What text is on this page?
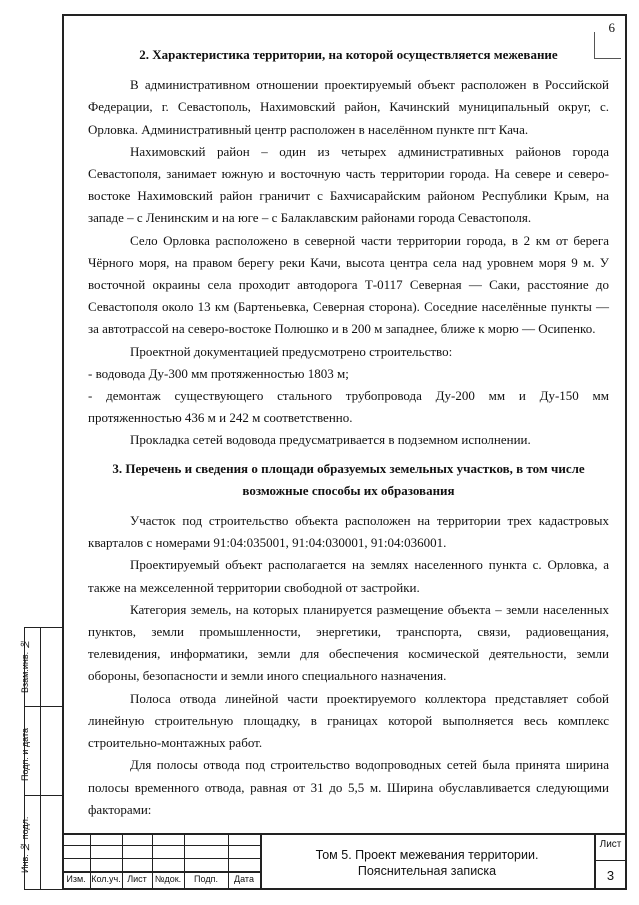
6
2. Характеристика территории, на которой осуществляется межевание

В административном отношении проектируемый объект расположен в Российской Федерации, г. Севастополь, Нахимовский район, Качинский муниципальный округ, с. Орловка. Административный центр расположен в населённом пункте пгт Кача.

Нахимовский район – один из четырех административных районов города Севастополя, занимает южную и восточную часть территории города. На севере и северо-востоке Нахимовский район граничит с Бахчисарайским районом Республики Крым, на западе – с Ленинским и на юге – с Балаклавским районами города Севастополя.

Село Орловка расположено в северной части территории города, в 2 км от берега Чёрного моря, на правом берегу реки Качи, высота центра села над уровнем моря 9 м. У восточной окраины села проходит автодорога Т-0117 Северная — Саки, расстояние до Севастополя около 13 км (Бартеньевка, Северная сторона). Соседние населённые пункты — за автотрассой на северо-востоке Полюшко и в 200 м западнее, ближе к морю — Осипенко.

Проектной документацией предусмотрено строительство:

- водовода Ду-300 мм протяженностью 1803 м;

- демонтаж существующего стального трубопровода Ду-200 мм и Ду-150 мм протяженностью 436 м и 242 м соответственно.

Прокладка сетей водовода предусматривается в подземном исполнении.

3. Перечень и сведения о площади образуемых земельных участков, в том числе
возможные способы их образования

Участок под строительство объекта расположен на территории трех кадастровых кварталов с номерами 91:04:035001, 91:04:030001, 91:04:036001.

Проектируемый объект располагается на землях населенного пункта с. Орловка, а также на межселенной территории свободной от застройки.

Категория земель, на которых планируется размещение объекта – земли населенных пунктов, земли промышленности, энергетики, транспорта, связи, радиовещания, телевидения, информатики, земли для обеспечения космической деятельности, земли обороны, безопасности и земли иного специального назначения.

Полоса отвода линейной части проектируемого коллектора представляет собой линейную строительную площадку, в границах которой выполняется весь комплекс строительно-монтажных работ.

Для полосы отвода под строительство водопроводных сетей была принята ширина полосы временного отвода, равная от 31 до 5,5 м. Ширина обуславливается следующими факторами:

Взам.инв. №
Подп. и дата
Инв. № подл.
Изм. Кол.уч. Лист №док.	Подп.	Дата
Том 5. Проект межевания территории.
Пояснительная записка
Лист
3
